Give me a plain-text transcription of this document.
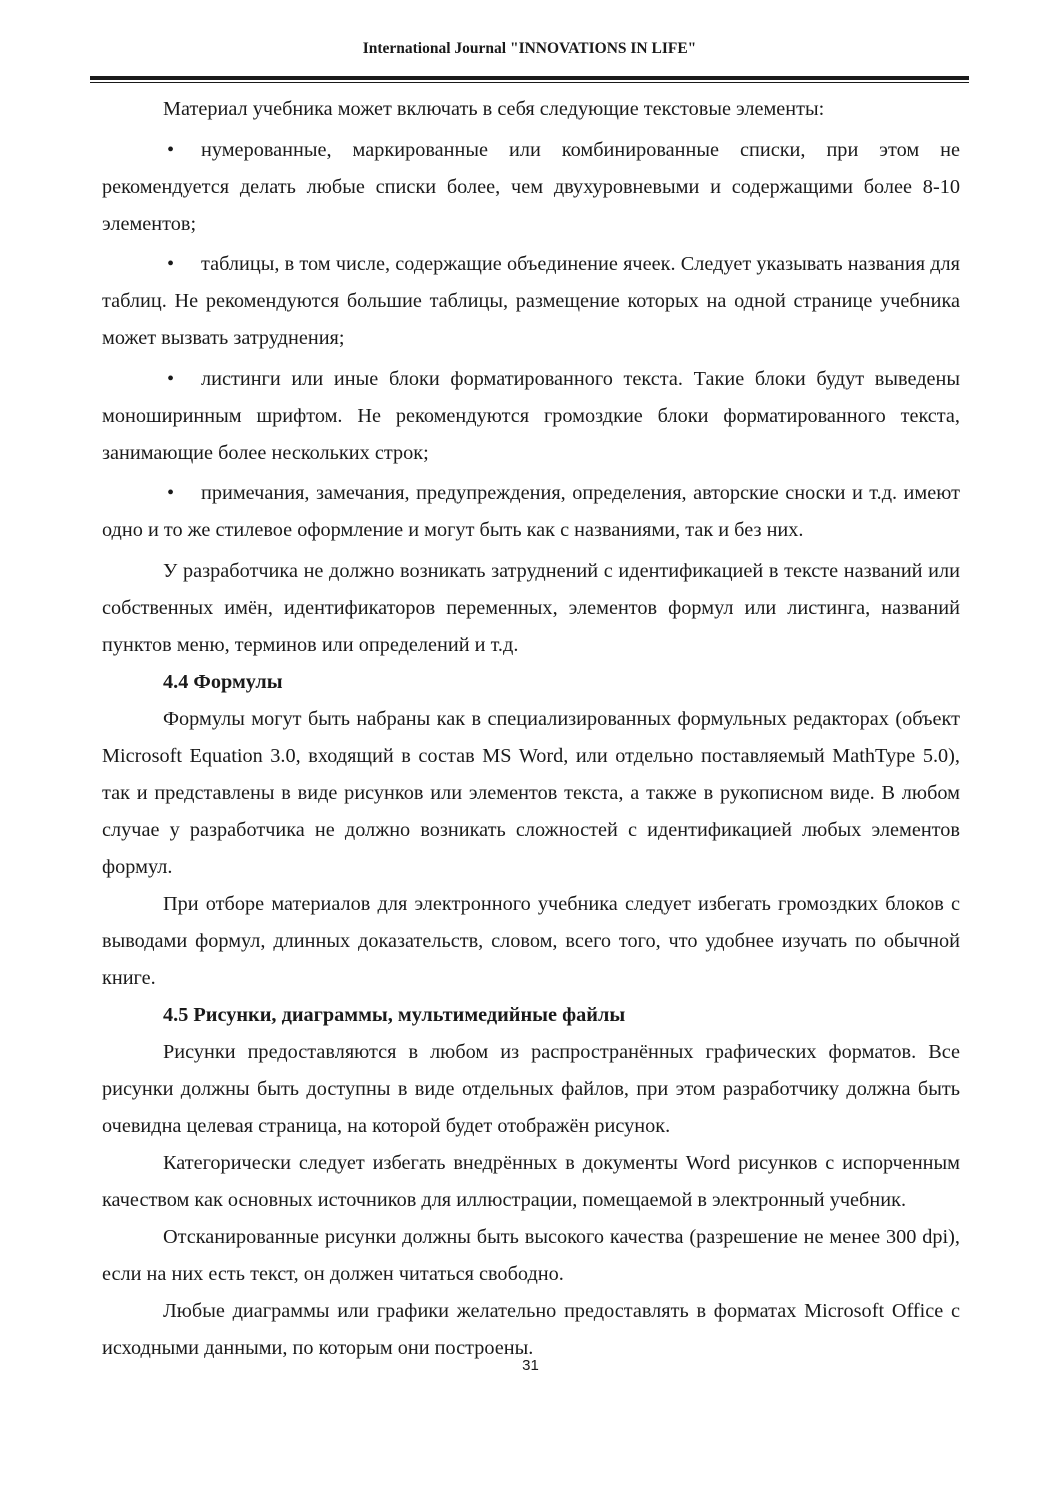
International Journal "INNOVATIONS IN LIFE"

Материал учебника может включать в себя следующие текстовые элементы:

• нумерованные, маркированные или комбинированные списки, при этом не рекомендуется делать любые списки более, чем двухуровневыми и содержащими более 8-10 элементов;

• таблицы, в том числе, содержащие объединение ячеек. Следует указывать названия для таблиц. Не рекомендуются большие таблицы, размещение которых на одной странице учебника может вызвать затруднения;

• листинги или иные блоки форматированного текста. Такие блоки будут выведены моноширинным шрифтом. Не рекомендуются громоздкие блоки форматированного текста, занимающие более нескольких строк;

• примечания, замечания, предупреждения, определения, авторские сноски и т.д. имеют одно и то же стилевое оформление и могут быть как с названиями, так и без них.

У разработчика не должно возникать затруднений с идентификацией в тексте названий или собственных имён, идентификаторов переменных, элементов формул или листинга, названий пунктов меню, терминов или определений и т.д.

4.4 Формулы

Формулы могут быть набраны как в специализированных формульных редакторах (объект Microsoft Equation 3.0, входящий в состав MS Word, или отдельно поставляемый MathType 5.0), так и представлены в виде рисунков или элементов текста, а также в рукописном виде. В любом случае у разработчика не должно возникать сложностей с идентификацией любых элементов формул.

При отборе материалов для электронного учебника следует избегать громоздких блоков с выводами формул, длинных доказательств, словом, всего того, что удобнее изучать по обычной книге.

4.5 Рисунки, диаграммы, мультимедийные файлы

Рисунки предоставляются в любом из распространённых графических форматов. Все рисунки должны быть доступны в виде отдельных файлов, при этом разработчику должна быть очевидна целевая страница, на которой будет отображён рисунок.

Категорически следует избегать внедрённых в документы Word рисунков с испорченным качеством как основных источников для иллюстрации, помещаемой в электронный учебник.

Отсканированные рисунки должны быть высокого качества (разрешение не менее 300 dpi), если на них есть текст, он должен читаться свободно.

Любые диаграммы или графики желательно предоставлять в форматах Microsoft Office с исходными данными, по которым они построены.

31
